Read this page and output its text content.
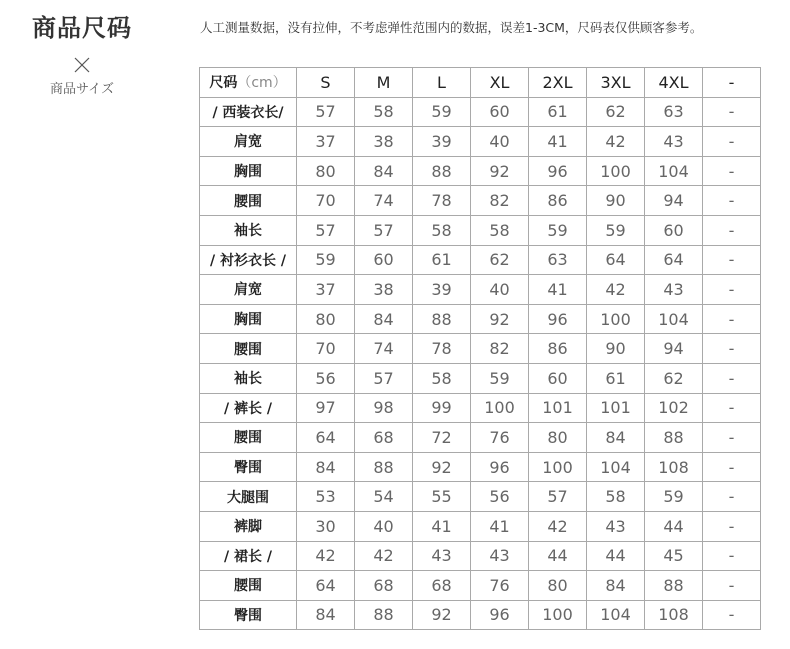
商品尺码
商品サイズ
人工测量数据，没有拉伸，不考虑弹性范围内的数据，误差1-3CM，尺码表仅供顾客参考。
尺码（cm）	S	M	L	XL	2XL	3XL	4XL	-
/ 西装衣长/	57	58	59	60	61	62	63	-
肩宽	37	38	39	40	41	42	43	-
胸围	80	84	88	92	96	100	104	-
腰围	70	74	78	82	86	90	94	-
袖长	57	57	58	58	59	59	60	-
/ 衬衫衣长 /	59	60	61	62	63	64	64	-
肩宽	37	38	39	40	41	42	43	-
胸围	80	84	88	92	96	100	104	-
腰围	70	74	78	82	86	90	94	-
袖长	56	57	58	59	60	61	62	-
/ 裤长 /	97	98	99	100	101	101	102	-
腰围	64	68	72	76	80	84	88	-
臀围	84	88	92	96	100	104	108	-
大腿围	53	54	55	56	57	58	59	-
裤脚	30	40	41	41	42	43	44	-
/ 裙长 /	42	42	43	43	44	44	45	-
腰围	64	68	68	76	80	84	88	-
臀围	84	88	92	96	100	104	108	-
